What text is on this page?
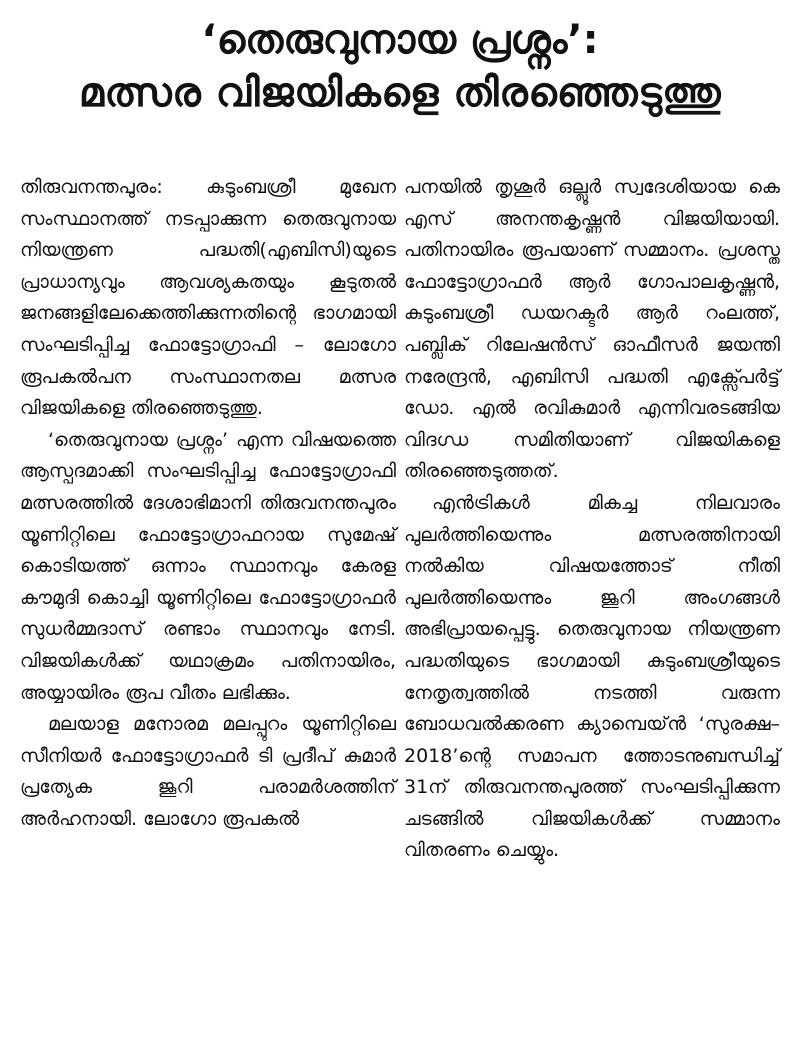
‘തെരുവുനായ പ്രശ്നം’:
മത്സര വിജയികളെ തിരഞ്ഞെടുത്തു

തിരുവനന്തപുരം: കുടുംബശ്രീ മുഖേന സംസ്ഥാനത്ത് നടപ്പാക്കുന്ന തെരുവുനായ നിയന്ത്രണ പദ്ധതി(എബിസി)യുടെ പ്രാധാന്യവും ആവശ്യകതയും കൂടുതൽ ജനങ്ങളിലേക്കെത്തിക്കുന്നതിന്റെ ഭാഗമായി സംഘടിപ്പിച്ച ഫോട്ടോഗ്രാഫി – ലോഗോ രൂപകൽപന സംസ്ഥാനതല മത്സര വിജയികളെ തിരഞ്ഞെടുത്തു.

‘തെരുവുനായ പ്രശ്നം’ എന്ന വിഷയത്തെ ആസ്പദമാക്കി സംഘടിപ്പിച്ച ഫോട്ടോഗ്രാഫി മത്സരത്തിൽ ദേശാഭിമാനി തിരുവനന്തപുരം യൂണിറ്റിലെ ഫോട്ടോഗ്രാഫറായ സുമേഷ് കൊടിയത്ത് ഒന്നാം സ്ഥാനവും കേരള കൗമുദി കൊച്ചി യൂണിറ്റിലെ ഫോട്ടോഗ്രാഫർ സുധർമ്മദാസ് രണ്ടാം സ്ഥാനവും നേടി. വിജയികൾക്ക് യഥാക്രമം പതിനായിരം, അയ്യായിരം രൂപ വീതം ലഭിക്കും.

മലയാള മനോരമ മലപ്പുറം യൂണിറ്റിലെ സീനിയർ ഫോട്ടോഗ്രാഫർ ടി പ്രദീപ് കുമാർ പ്രത്യേക ജൂറി പരാമർശത്തിന് അർഹനായി. ലോഗോ രൂപകൽ

പനയിൽ തൃശൂർ ഒല്ലൂർ സ്വദേശിയായ കെ എസ് അനന്തകൃഷ്ണൻ വിജയിയായി. പതിനായിരം രൂപയാണ് സമ്മാനം. പ്രശസ്ത ഫോട്ടോഗ്രാഫർ ആർ ഗോപാലകൃഷ്ണൻ, കുടുംബശ്രീ ഡയറക്ടർ ആർ റംലത്ത്, പബ്ലിക് റിലേഷൻസ് ഓഫീസർ ജയന്തി നരേന്ദ്രൻ, എബിസി പദ്ധതി എക്സ്പേർട്ട് ഡോ. എൽ രവികുമാർ എന്നിവരടങ്ങിയ വിദഗ്ധ സമിതിയാണ് വിജയികളെ തിരഞ്ഞെടുത്തത്.

എൻട്രികൾ മികച്ച നിലവാരം പുലർത്തിയെന്നും മത്സരത്തിനായി നൽകിയ വിഷയത്തോട് നീതി പുലർത്തിയെന്നും ജൂറി അംഗങ്ങൾ അഭിപ്രായപ്പെട്ടു. തെരുവുനായ നിയന്ത്രണ പദ്ധതിയുടെ ഭാഗമായി കുടുംബശ്രീയുടെ നേതൃത്വത്തിൽ നടത്തി വരുന്ന ബോധവൽക്കരണ ക്യാമ്പെയ്ൻ ‘സുരക്ഷ–2018’ന്റെ സമാപന ത്തോടനുബന്ധിച്ച് 31ന് തിരുവനന്തപുരത്ത് സംഘടിപ്പിക്കുന്ന ചടങ്ങിൽ വിജയികൾക്ക് സമ്മാനം വിതരണം ചെയ്യും.
